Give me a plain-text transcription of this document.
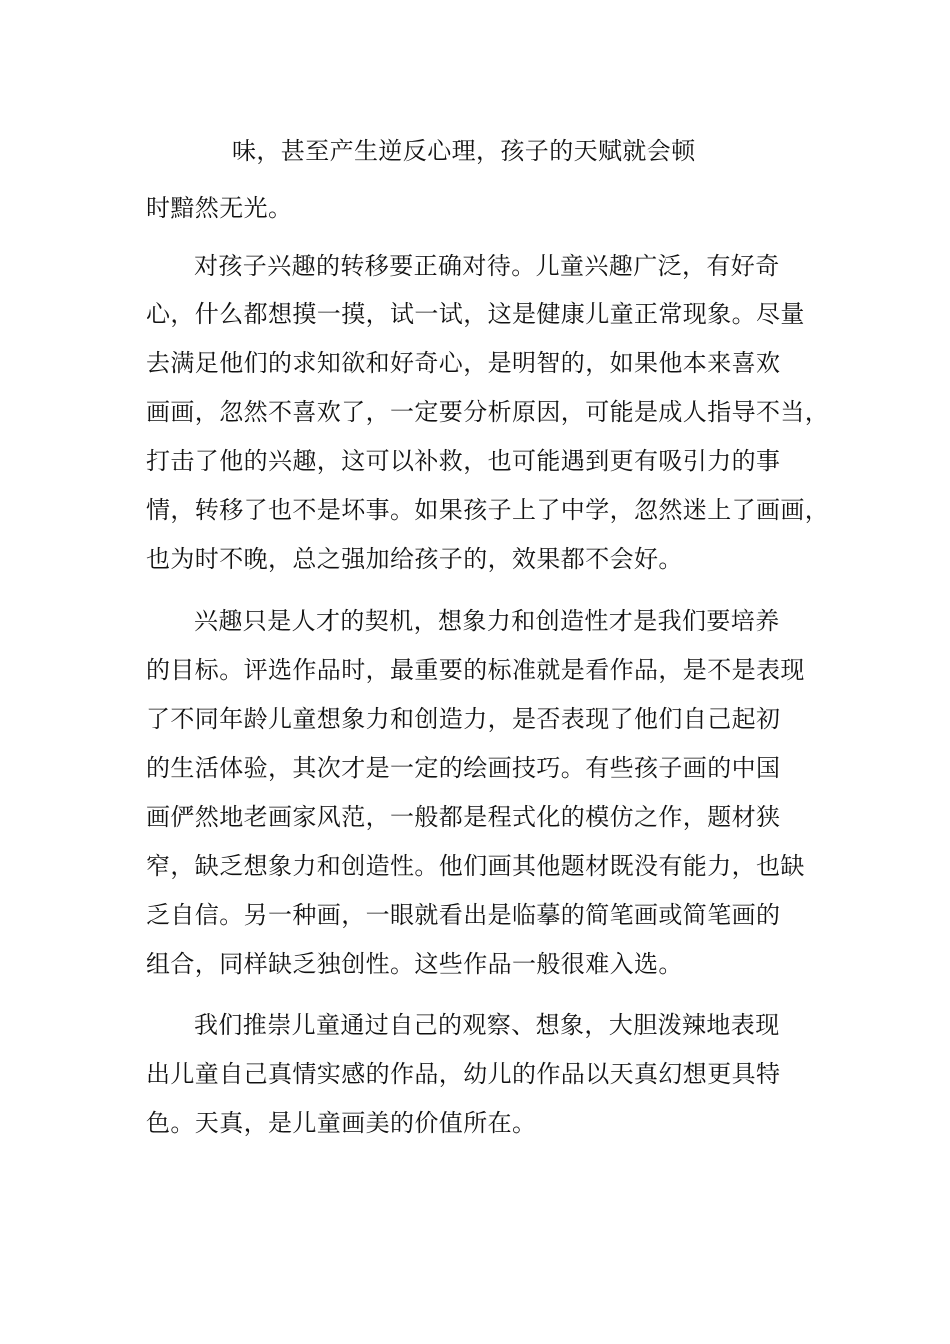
味，甚至产生逆反心理，孩子的天赋就会顿
时黯然无光。
对孩子兴趣的转移要正确对待。儿童兴趣广泛，有好奇
心，什么都想摸一摸，试一试，这是健康儿童正常现象。尽量
去满足他们的求知欲和好奇心，是明智的，如果他本来喜欢
画画，忽然不喜欢了，一定要分析原因，可能是成人指导不当，
打击了他的兴趣，这可以补救，也可能遇到更有吸引力的事
情，转移了也不是坏事。如果孩子上了中学，忽然迷上了画画，
也为时不晚，总之强加给孩子的，效果都不会好。
兴趣只是人才的契机，想象力和创造性才是我们要培养
的目标。评选作品时，最重要的标准就是看作品，是不是表现
了不同年龄儿童想象力和创造力，是否表现了他们自己起初
的生活体验，其次才是一定的绘画技巧。有些孩子画的中国
画俨然地老画家风范，一般都是程式化的模仿之作，题材狭
窄，缺乏想象力和创造性。他们画其他题材既没有能力，也缺
乏自信。另一种画，一眼就看出是临摹的简笔画或简笔画的
组合，同样缺乏独创性。这些作品一般很难入选。
我们推崇儿童通过自己的观察、想象，大胆泼辣地表现
出儿童自己真情实感的作品，幼儿的作品以天真幻想更具特
色。天真，是儿童画美的价值所在。
